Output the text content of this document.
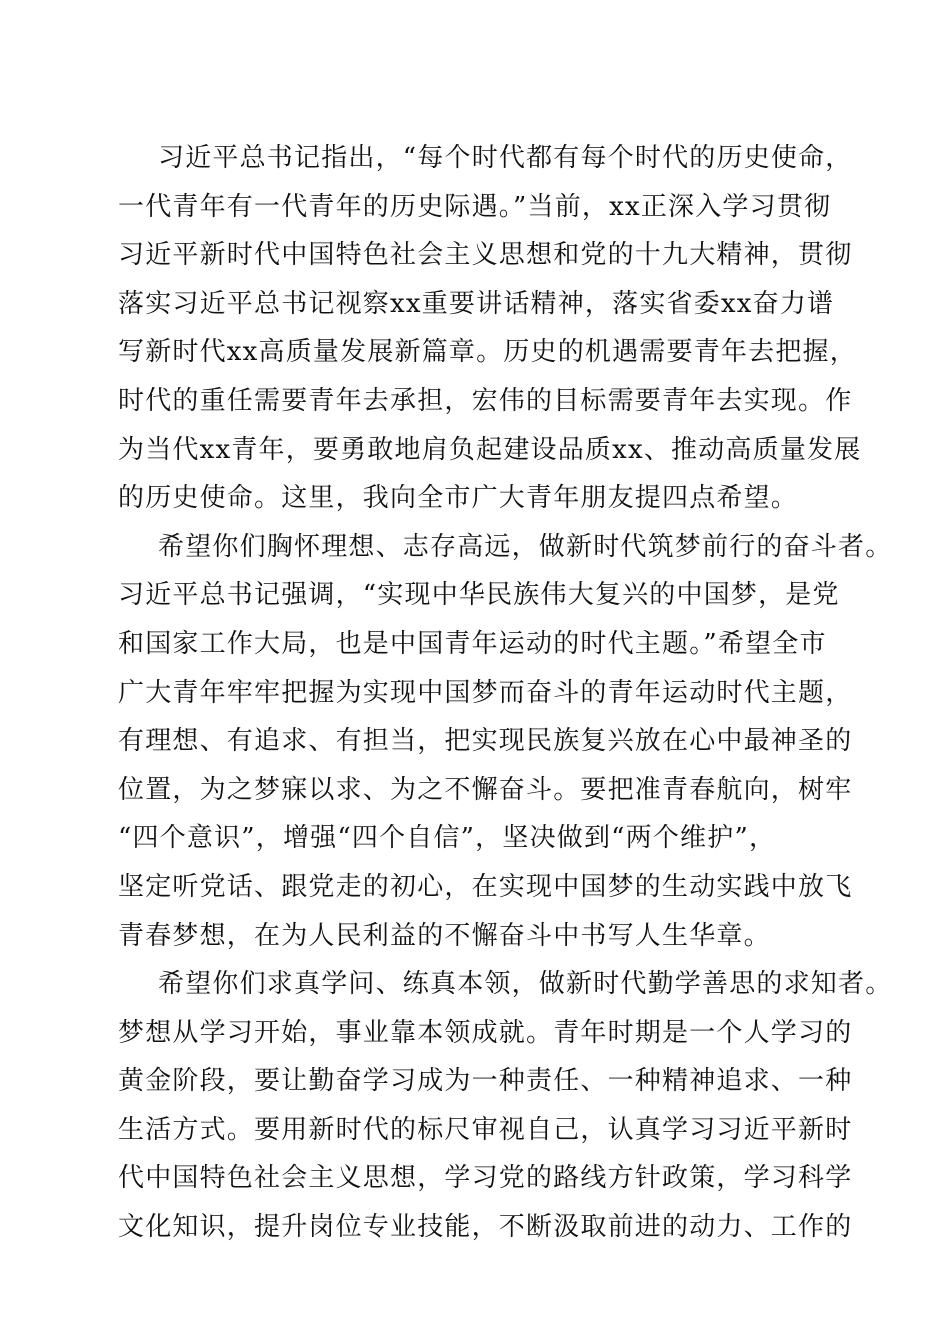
习近平总书记指出，“每个时代都有每个时代的历史使命，
一代青年有一代青年的历史际遇。”当前，xx正深入学习贯彻
习近平新时代中国特色社会主义思想和党的十九大精神，贯彻
落实习近平总书记视察xx重要讲话精神，落实省委xx奋力谱
写新时代xx高质量发展新篇章。历史的机遇需要青年去把握，
时代的重任需要青年去承担，宏伟的目标需要青年去实现。作
为当代xx青年，要勇敢地肩负起建设品质xx、推动高质量发展
的历史使命。这里，我向全市广大青年朋友提四点希望。
希望你们胸怀理想、志存高远，做新时代筑梦前行的奋斗者。
习近平总书记强调，“实现中华民族伟大复兴的中国梦，是党
和国家工作大局，也是中国青年运动的时代主题。”希望全市
广大青年牢牢把握为实现中国梦而奋斗的青年运动时代主题，
有理想、有追求、有担当，把实现民族复兴放在心中最神圣的
位置，为之梦寐以求、为之不懈奋斗。要把准青春航向，树牢
“四个意识”，增强“四个自信”，坚决做到“两个维护”，
坚定听党话、跟党走的初心，在实现中国梦的生动实践中放飞
青春梦想，在为人民利益的不懈奋斗中书写人生华章。
希望你们求真学问、练真本领，做新时代勤学善思的求知者。
梦想从学习开始，事业靠本领成就。青年时期是一个人学习的
黄金阶段，要让勤奋学习成为一种责任、一种精神追求、一种
生活方式。要用新时代的标尺审视自己，认真学习习近平新时
代中国特色社会主义思想，学习党的路线方针政策，学习科学
文化知识，提升岗位专业技能，不断汲取前进的动力、工作的
